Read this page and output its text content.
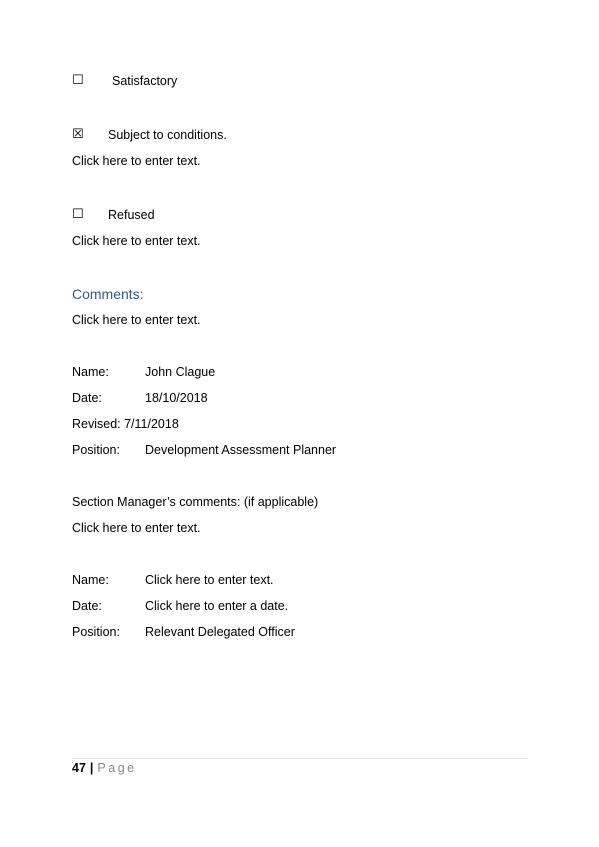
☐ Satisfactory
☒ Subject to conditions.
Click here to enter text.
☐ Refused
Click here to enter text.
Comments:
Click here to enter text.
Name:	John Clague
Date:	18/10/2018
Revised: 7/11/2018
Position: Development Assessment Planner
Section Manager’s comments: (if applicable)
Click here to enter text.
Name:	Click here to enter text.
Date:	Click here to enter a date.
Position: Relevant Delegated Officer
47 | Page
